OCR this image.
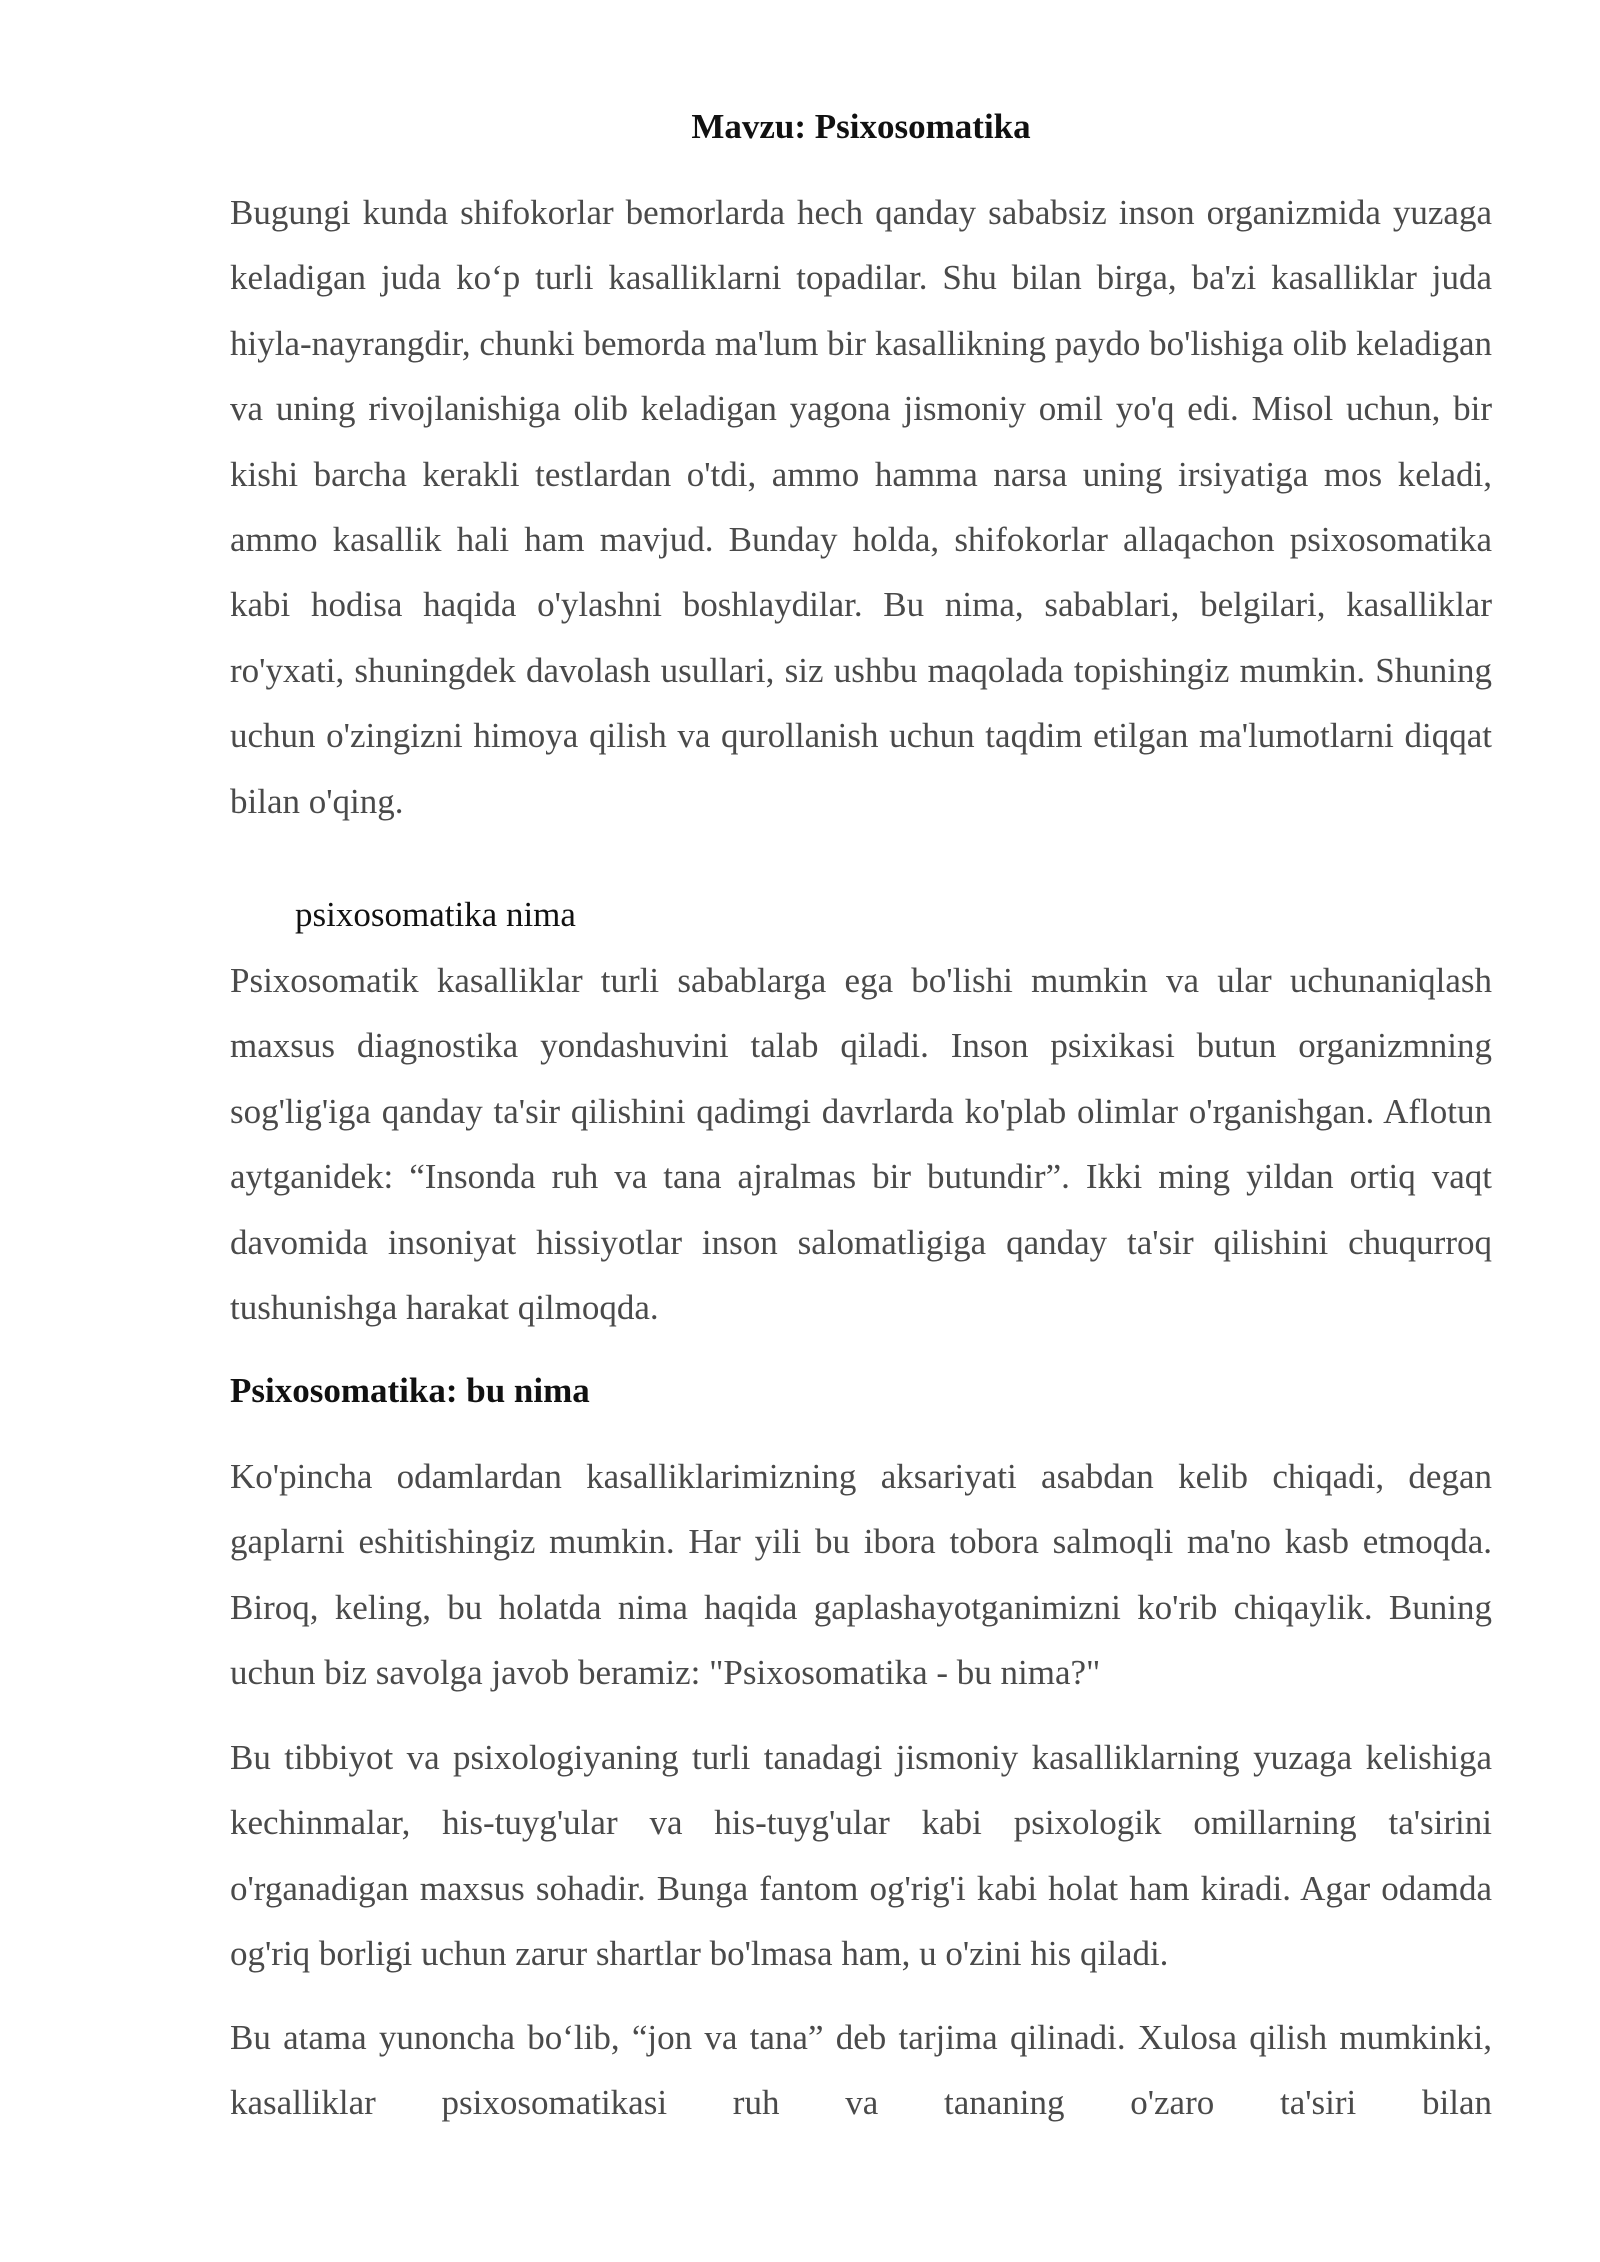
Mavzu: Psixosomatika

Bugungi kunda shifokorlar bemorlarda hech qanday sababsiz inson organizmida yuzaga keladigan juda ko‘p turli kasalliklarni topadilar. Shu bilan birga, ba'zi kasalliklar juda hiyla-nayrangdir, chunki bemorda ma'lum bir kasallikning paydo bo'lishiga olib keladigan va uning rivojlanishiga olib keladigan yagona jismoniy omil yo'q edi. Misol uchun, bir kishi barcha kerakli testlardan o'tdi, ammo hamma narsa uning irsiyatiga mos keladi, ammo kasallik hali ham mavjud. Bunday holda, shifokorlar allaqachon psixosomatika kabi hodisa haqida o'ylashni boshlaydilar. Bu nima, sabablari, belgilari, kasalliklar ro'yxati, shuningdek davolash usullari, siz ushbu maqolada topishingiz mumkin. Shuning uchun o'zingizni himoya qilish va qurollanish uchun taqdim etilgan ma'lumotlarni diqqat bilan o'qing.

psixosomatika nima

Psixosomatik kasalliklar turli sabablarga ega bo'lishi mumkin va ular uchunaniqlash maxsus diagnostika yondashuvini talab qiladi. Inson psixikasi butun organizmning sog'lig'iga qanday ta'sir qilishini qadimgi davrlarda ko'plab olimlar o'rganishgan. Aflotun aytganidek: “Insonda ruh va tana ajralmas bir butundir”. Ikki ming yildan ortiq vaqt davomida insoniyat hissiyotlar inson salomatligiga qanday ta'sir qilishini chuqurroq tushunishga harakat qilmoqda.

Psixosomatika: bu nima

Ko'pincha odamlardan kasalliklarimizning aksariyati asabdan kelib chiqadi, degan gaplarni eshitishingiz mumkin. Har yili bu ibora tobora salmoqli ma'no kasb etmoqda. Biroq, keling, bu holatda nima haqida gaplashayotganimizni ko'rib chiqaylik. Buning uchun biz savolga javob beramiz: "Psixosomatika - bu nima?"

Bu tibbiyot va psixologiyaning turli tanadagi jismoniy kasalliklarning yuzaga kelishiga kechinmalar, his-tuyg'ular va his-tuyg'ular kabi psixologik omillarning ta'sirini o'rganadigan maxsus sohadir. Bunga fantom og'rig'i kabi holat ham kiradi. Agar odamda og'riq borligi uchun zarur shartlar bo'lmasa ham, u o'zini his qiladi.

Bu atama yunoncha bo‘lib, “jon va tana” deb tarjima qilinadi. Xulosa qilish mumkinki, kasalliklar psixosomatikasi ruh va tananing o'zaro ta'siri bilan
